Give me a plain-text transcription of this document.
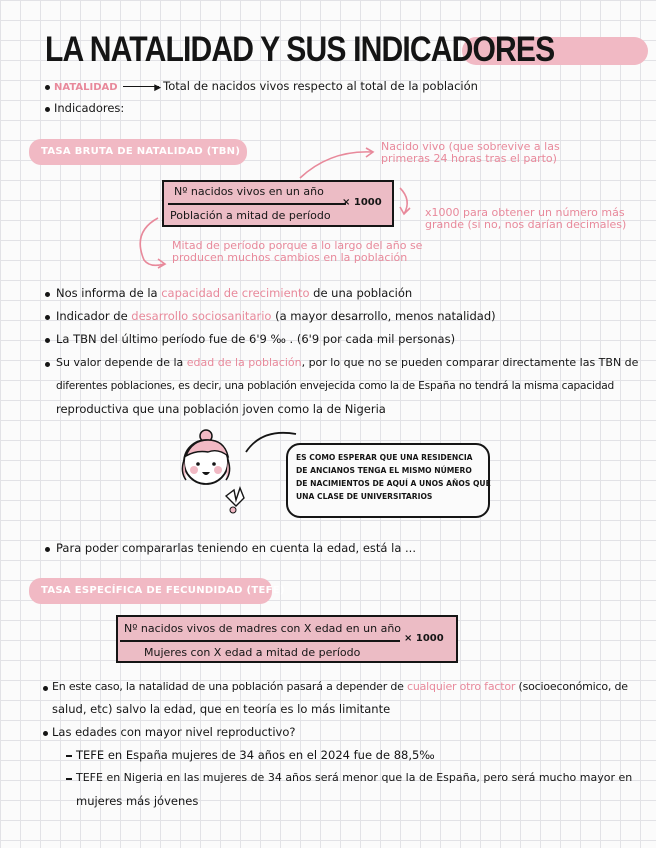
LA NATALIDAD Y SUS INDICADORES
NATALIDAD	▶ Total de nacidos vivos respecto al total de la población
Indicadores:
TASA BRUTA DE NATALIDAD (TBN)	Nacido vivo (que sobrevive a las
primeras 24 horas tras el parto)
Nº nacidos vivos en un año
Población a mitad de período
× 1000
x1000 para obtener un número más
grande (si no, nos darían decimales)
Mitad de período porque a lo largo del año se
producen muchos cambios en la población
Nos informa de la capacidad de crecimiento de una población
Indicador de desarrollo sociosanitario (a mayor desarrollo, menos natalidad)
La TBN del último período fue de 6'9 ‰ . (6'9 por cada mil personas)
Su valor depende de la edad de la población, por lo que no se pueden comparar directamente las TBN de
diferentes poblaciones, es decir, una población envejecida como la de España no tendrá la misma capacidad
reproductiva que una población joven como la de Nigeria
ES COMO ESPERAR QUE UNA RESIDENCIA
DE ANCIANOS TENGA EL MISMO NÚMERO
DE NACIMIENTOS DE AQUÍ A UNOS AÑOS QUE
UNA CLASE DE UNIVERSITARIOS
Para poder compararlas teniendo en cuenta la edad, está la ...
TASA ESPECÍFICA DE FECUNDIDAD (TEFE)
Nº nacidos vivos de madres con X edad en un año
Mujeres con X edad a mitad de período
× 1000
En este caso, la natalidad de una población pasará a depender de cualquier otro factor (socioeconómico, de
salud, etc) salvo la edad, que en teoría es lo más limitante
Las edades con mayor nivel reproductivo?
TEFE en España mujeres de 34 años en el 2024 fue de 88,5‰
TEFE en Nigeria en las mujeres de 34 años será menor que la de España, pero será mucho mayor en
mujeres más jóvenes
